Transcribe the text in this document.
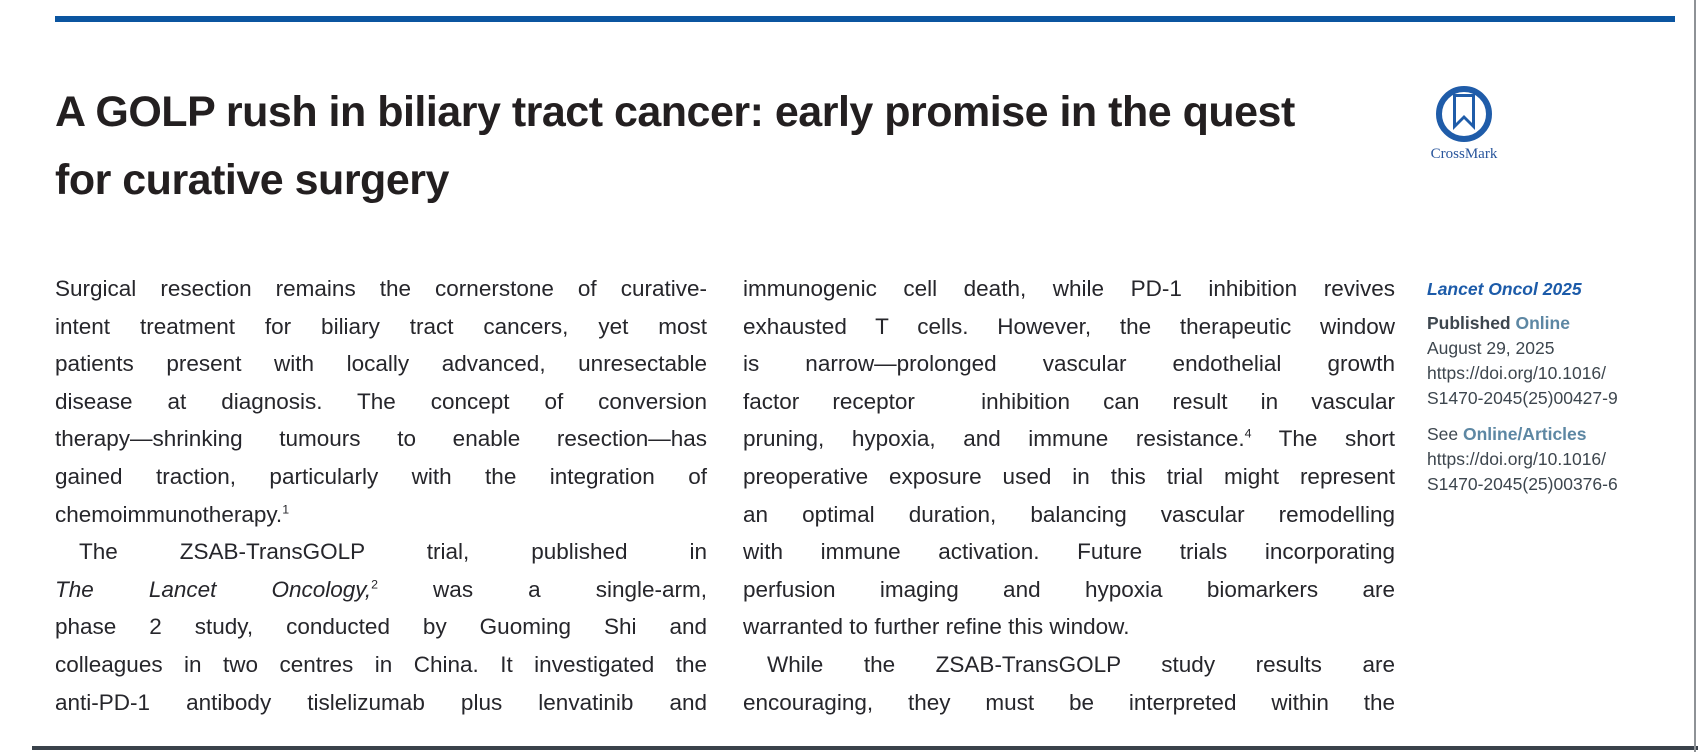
A GOLP rush in biliary tract cancer: early promise in the quest
for curative surgery
CrossMark
Surgical resection remains the cornerstone of curative-
intent treatment for biliary tract cancers, yet most
patients present with locally advanced, unresectable
disease at diagnosis. The concept of conversion
therapy—shrinking tumours to enable resection—has
gained traction, particularly with the integration of
chemoimmunotherapy.$^1$
The ZSAB-TransGOLP trial, published in
The Lancet Oncology,$^2$ was a single-arm,
phase 2 study, conducted by Guoming Shi and
colleagues in two centres in China. It investigated the
anti-PD-1 antibody tislelizumab plus lenvatinib and
immunogenic cell death, while PD-1 inhibition revives
exhausted T cells. However, the therapeutic window
is narrow—prolonged vascular endothelial growth
factor receptor  inhibition can result in vascular
pruning, hypoxia, and immune resistance.$^4$ The short
preoperative exposure used in this trial might represent
an optimal duration, balancing vascular remodelling
with immune activation. Future trials incorporating
perfusion imaging and hypoxia biomarkers are
warranted to further refine this window.
While the ZSAB-TransGOLP study results are
encouraging, they must be interpreted within the
Lancet Oncol 2025
Published Online
August 29, 2025
https://doi.org/10.1016/
S1470-2045(25)00427-9
See Online/Articles
https://doi.org/10.1016/
S1470-2045(25)00376-6
